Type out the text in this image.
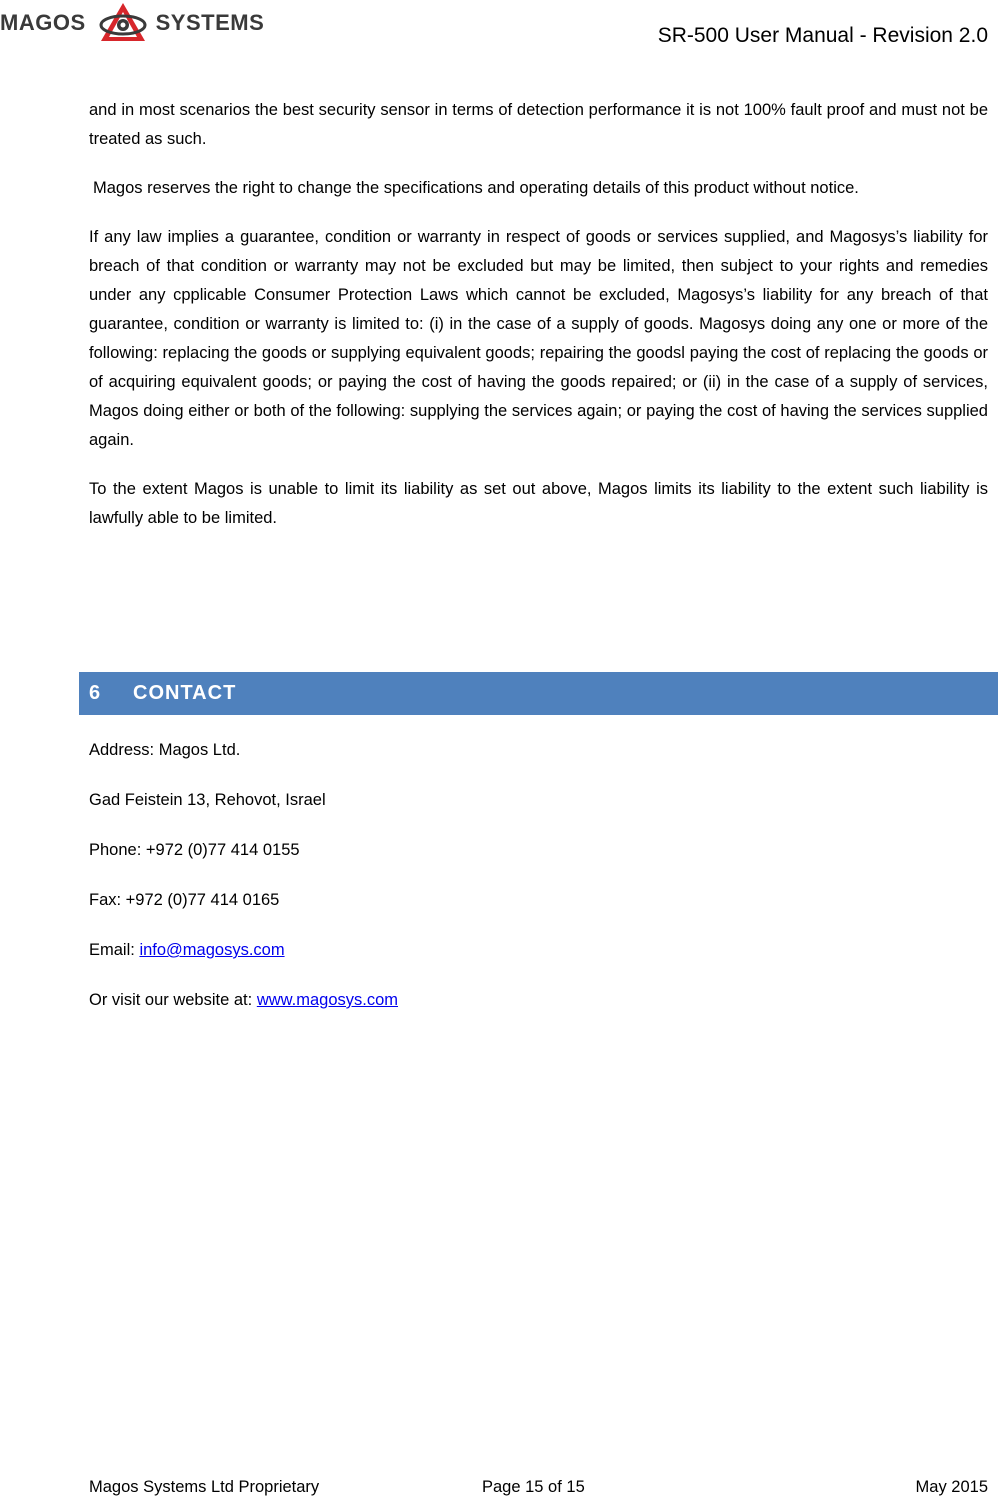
MAGOS	SYSTEMS
SR-500 User Manual - Revision 2.0

and in most scenarios the best security sensor in terms of detection performance it is not 100% fault proof and must not be treated as such.

Magos reserves the right to change the specifications and operating details of this product without notice.

If any law implies a guarantee, condition or warranty in respect of goods or services supplied, and Magosys’s liability for breach of that condition or warranty may not be excluded but may be limited, then subject to your rights and remedies under any cpplicable Consumer Protection Laws which cannot be excluded, Magosys’s liability for any breach of that guarantee, condition or warranty is limited to: (i) in the case of a supply of goods. Magosys doing any one or more of the following: replacing the goods or supplying equivalent goods; repairing the goodsl paying the cost of replacing the goods or of acquiring equivalent goods; or paying the cost of having the goods repaired; or (ii) in the case of a supply of services, Magos doing either or both of the following: supplying the services again; or paying the cost of having the services supplied again.

To the extent Magos is unable to limit its liability as set out above, Magos limits its liability to the extent such liability is lawfully able to be limited.

6	CONTACT
Address: Magos Ltd.
Gad Feistein 13, Rehovot, Israel
Phone: +972 (0)77 414 0155
Fax: +972 (0)77 414 0165
Email: info@magosys.com
Or visit our website at: www.magosys.com
Magos Systems Ltd Proprietary	Page 15 of 15	May 2015
